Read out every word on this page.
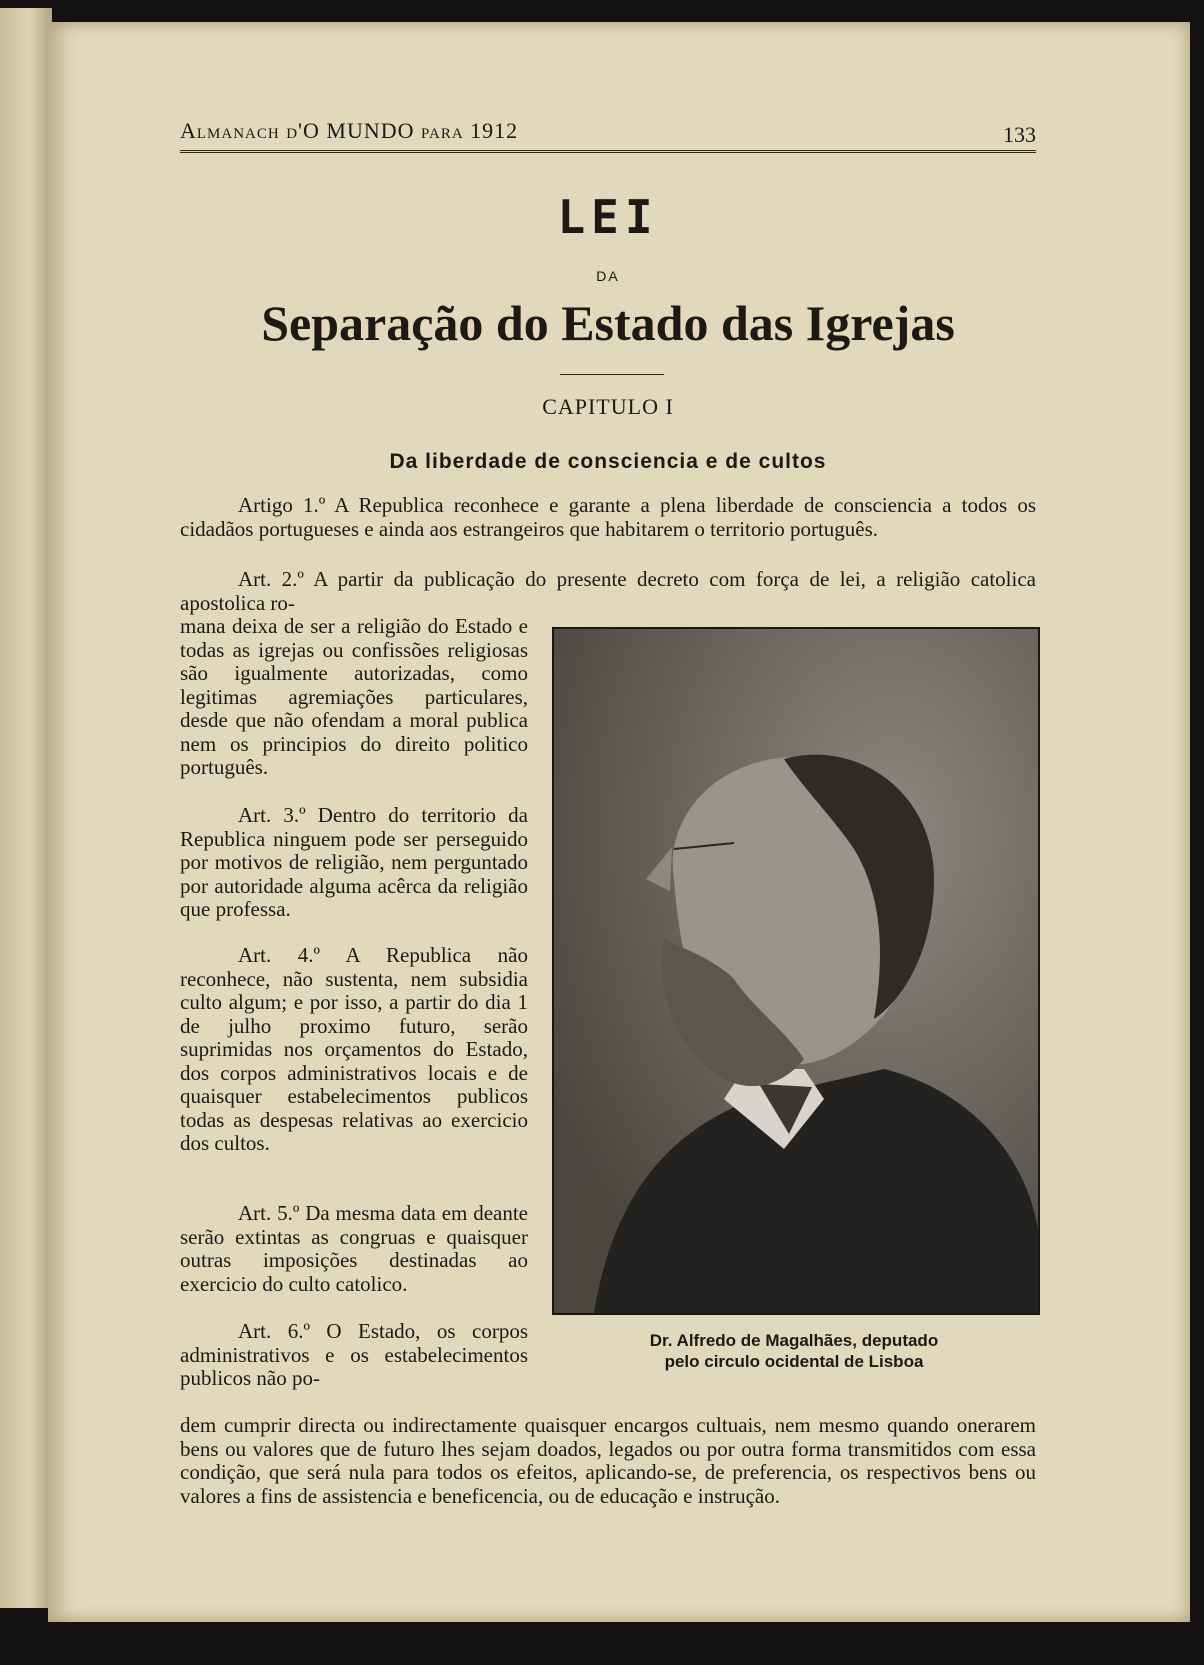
Almanach d'O MUNDO para 1912	133
LEI
DA
Separação do Estado das Igrejas
CAPITULO I
Da liberdade de consciencia e de cultos

Artigo 1.º A Republica reconhece e garante a plena liberdade de consciencia a todos os cidadãos portugueses e ainda aos estrangeiros que habitarem o territorio português.

Art. 2.º A partir da publicação do presente decreto com força de lei, a religião catolica apostolica ro-

mana deixa de ser a religião do Estado e todas as igrejas ou confissões religiosas são igualmente autorizadas, como legitimas agremiações particulares, desde que não ofendam a moral publica nem os principios do direito politico português.

Art. 3.º Dentro do territorio da Republica ninguem pode ser perseguido por motivos de religião, nem perguntado por autoridade alguma acêrca da religião que professa.

Art. 4.º A Republica não reconhece, não sustenta, nem subsidia culto algum; e por isso, a partir do dia 1 de julho proximo futuro, serão suprimidas nos orçamentos do Estado, dos corpos administrativos locais e de quaisquer estabelecimentos publicos todas as despesas relativas ao exercicio dos cultos.

Art. 5.º Da mesma data em deante serão extintas as congruas e quaisquer outras imposições destinadas ao exercicio do culto catolico.

Art. 6.º O Estado, os corpos administrativos e os estabelecimentos publicos não po-

dem cumprir directa ou indirectamente quaisquer encargos cultuais, nem mesmo quando onerarem bens ou valores que de futuro lhes sejam doados, legados ou por outra forma transmitidos com essa condição, que será nula para todos os efeitos, aplicando-se, de preferencia, os respectivos bens ou valores a fins de assistencia e beneficencia, ou de educação e instrução.

Dr. Alfredo de Magalhães, deputado
pelo circulo ocidental de Lisboa
